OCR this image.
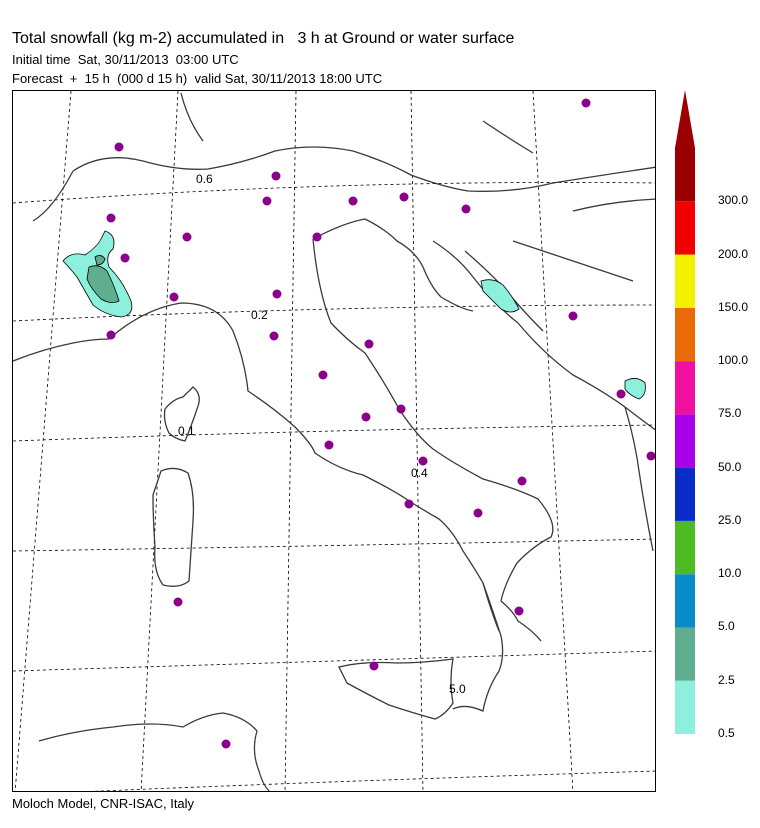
Total snowfall (kg m-2) accumulated in   3 h at Ground or water surface
Initial time  Sat, 30/11/2013  03:00 UTC
Forecast  +  15 h  (000 d 15 h)  valid Sat, 30/11/2013 18:00 UTC
0.6
0.2
0.1
0.4
5.0
0.5
2.5
5.0
10.0
25.0
50.0
75.0
100.0
150.0
200.0
300.0
Moloch Model, CNR-ISAC, Italy
